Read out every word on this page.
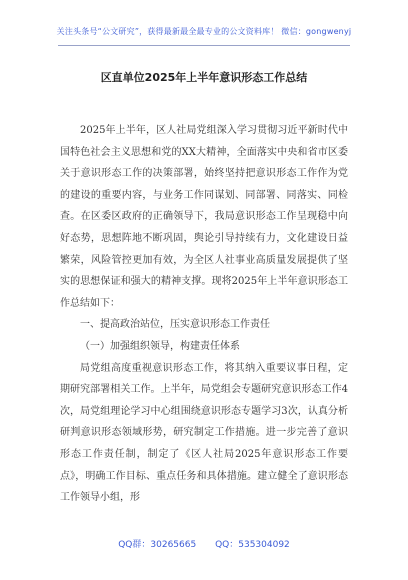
关注头条号“公文研究”，获得最新最全最专业的公文资料库！ 微信：gongwenyj
区直单位2025年上半年意识形态工作总结

2025年上半年，区人社局党组深入学习贯彻习近平新时代中国特色社会主义思想和党的XX大精神，全面落实中央和省市区委关于意识形态工作的决策部署，始终坚持把意识形态工作作为党的建设的重要内容，与业务工作同谋划、同部署、同落实、同检查。在区委区政府的正确领导下，我局意识形态工作呈现稳中向好态势，思想阵地不断巩固，舆论引导持续有力，文化建设日益繁荣，风险管控更加有效，为全区人社事业高质量发展提供了坚实的思想保证和强大的精神支撑。现将2025年上半年意识形态工作总结如下：

一、提高政治站位，压实意识形态工作责任

（一）加强组织领导，构建责任体系

局党组高度重视意识形态工作，将其纳入重要议事日程，定期研究部署相关工作。上半年，局党组会专题研究意识形态工作4次，局党组理论学习中心组围绕意识形态专题学习3次，认真分析研判意识形态领域形势，研究制定工作措施。进一步完善了意识形态工作责任制，制定了《区人社局2025年意识形态工作要点》，明确工作目标、重点任务和具体措施。建立健全了意识形态工作领导小组，形

QQ群：30265665 QQ：535304092
